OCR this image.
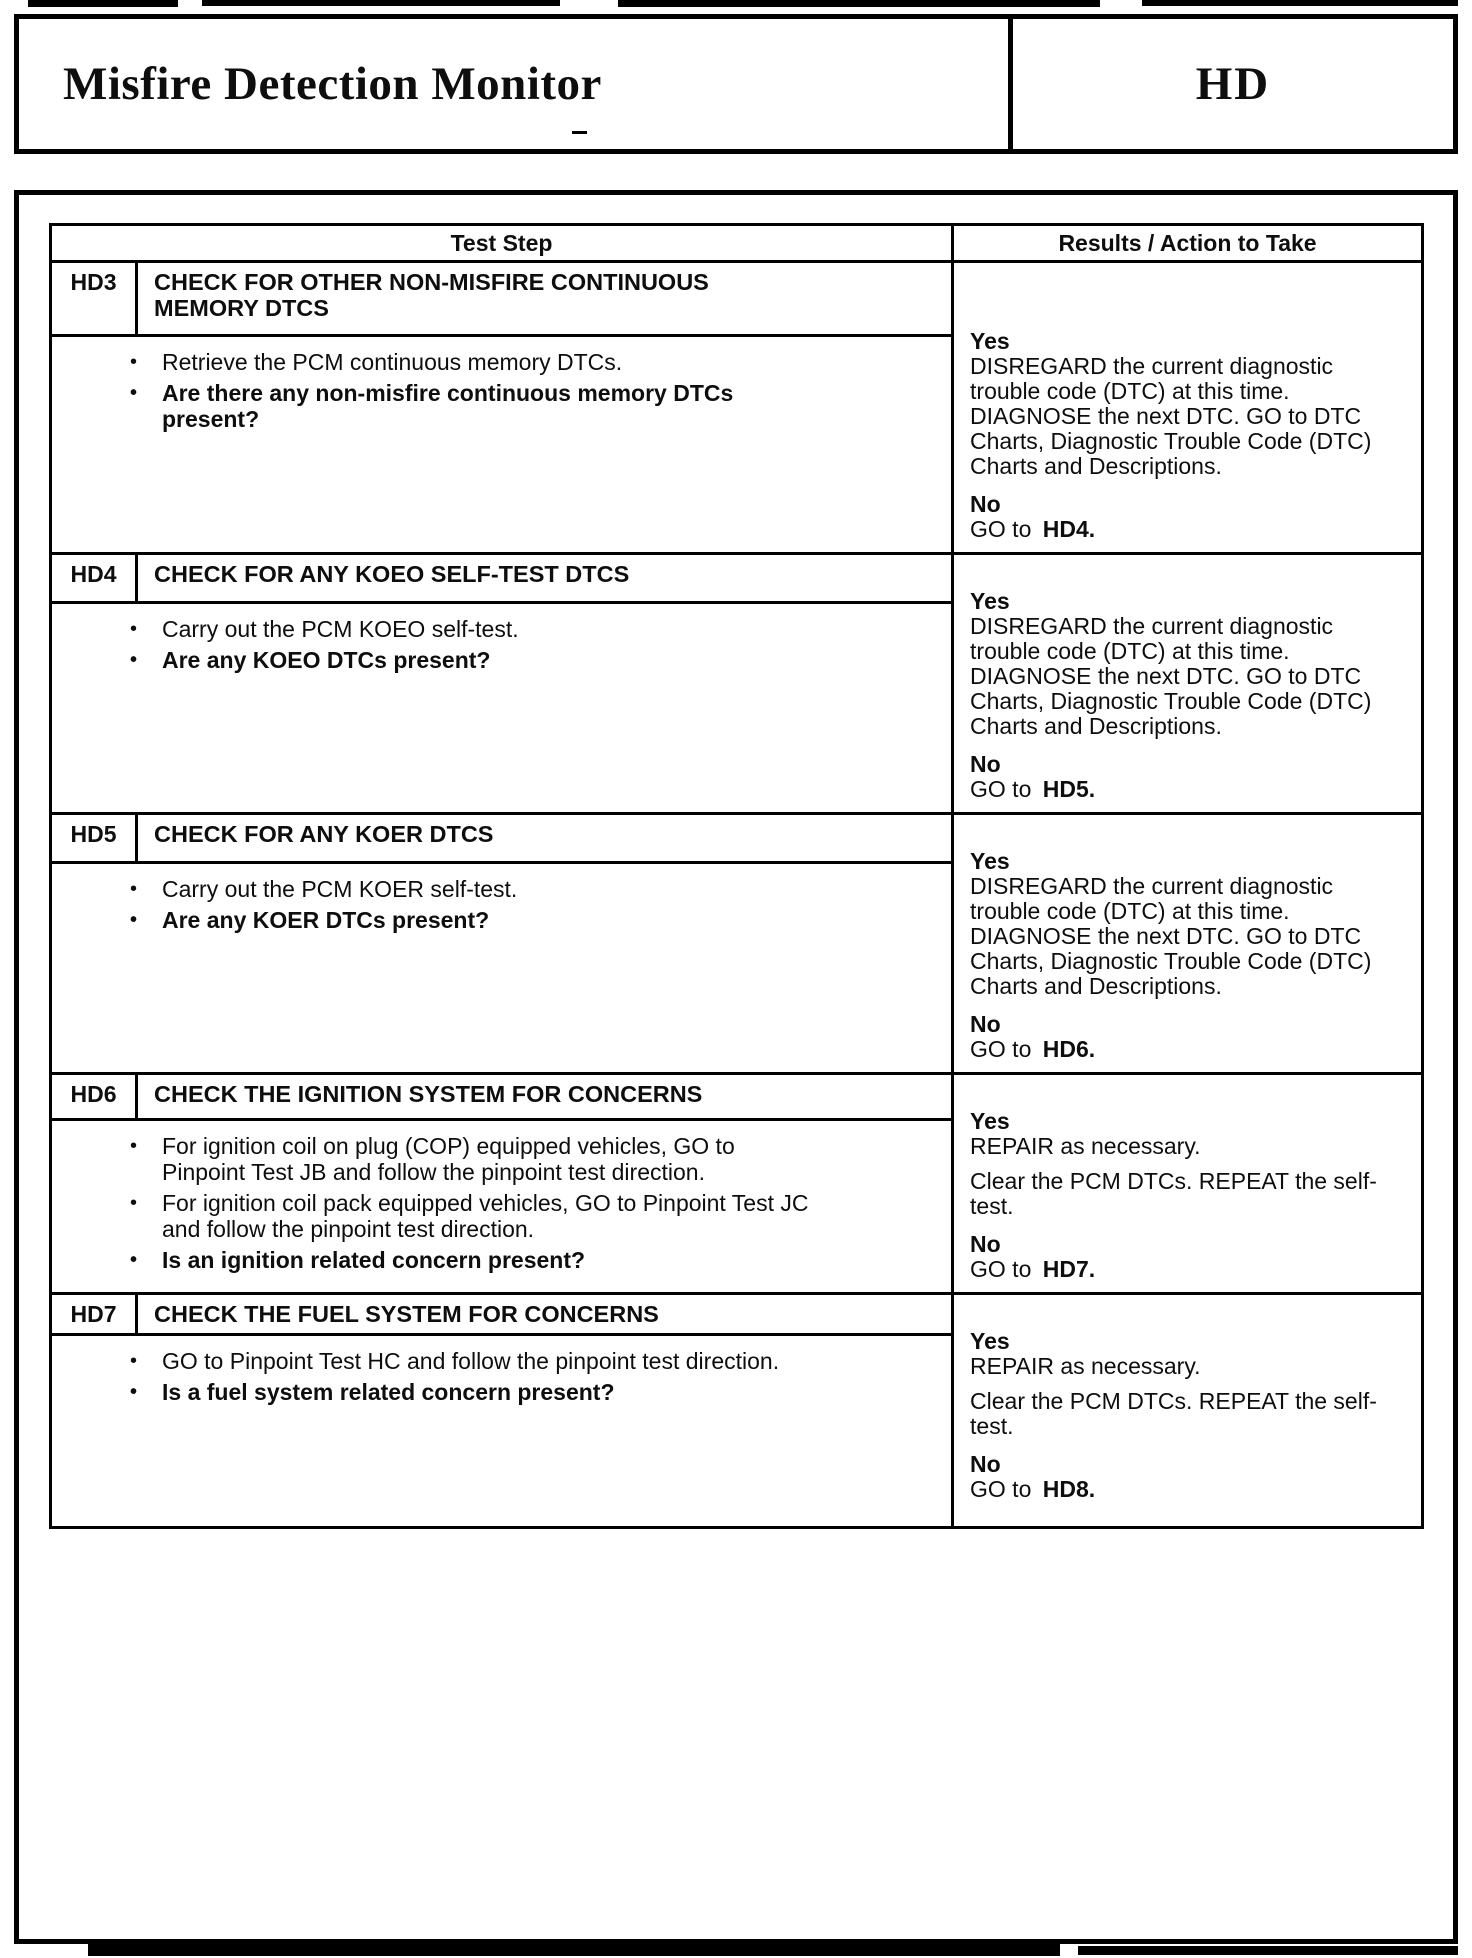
Misfire Detection Monitor	HD
Test Step		Results / Action to Take
HD3	CHECK FOR OTHER NON-MISFIRE CONTINUOUS MEMORY DTCS	Yes
DISREGARD the current diagnostic trouble code (DTC) at this time. DIAGNOSE the next DTC. GO to DTC Charts, Diagnostic Trouble Code (DTC) Charts and Descriptions.
No
GO to HD4.

• Retrieve the PCM continuous memory DTCs.
• Are there any non-misfire continuous memory DTCs present?		

HD4	CHECK FOR ANY KOEO SELF-TEST DTCS	Yes
DISREGARD the current diagnostic trouble code (DTC) at this time. DIAGNOSE the next DTC. GO to DTC Charts, Diagnostic Trouble Code (DTC) Charts and Descriptions.
No
GO to HD5.

• Carry out the PCM KOEO self-test.
• Are any KOEO DTCs present?		

HD5	CHECK FOR ANY KOER DTCS	Yes
DISREGARD the current diagnostic trouble code (DTC) at this time. DIAGNOSE the next DTC. GO to DTC Charts, Diagnostic Trouble Code (DTC) Charts and Descriptions.
No
GO to HD6.

• Carry out the PCM KOER self-test.
• Are any KOER DTCs present?		

HD6	CHECK THE IGNITION SYSTEM FOR CONCERNS	Yes
REPAIR as necessary.
Clear the PCM DTCs. REPEAT the self-test.
No
GO to HD7.

•	For ignition coil on plug (COP) equipped vehicles, GO to Pinpoint Test JB and follow the pinpoint test direction.
•	For ignition coil pack equipped vehicles, GO to Pinpoint Test JC and follow the pinpoint test direction.
•	Is an ignition related concern present?

HD7	CHECK THE FUEL SYSTEM FOR CONCERNS	Yes
REPAIR as necessary.
Clear the PCM DTCs. REPEAT the self-test.
No
GO to HD8.

• GO to Pinpoint Test HC and follow the pinpoint test direction.
• Is a fuel system related concern present?		
